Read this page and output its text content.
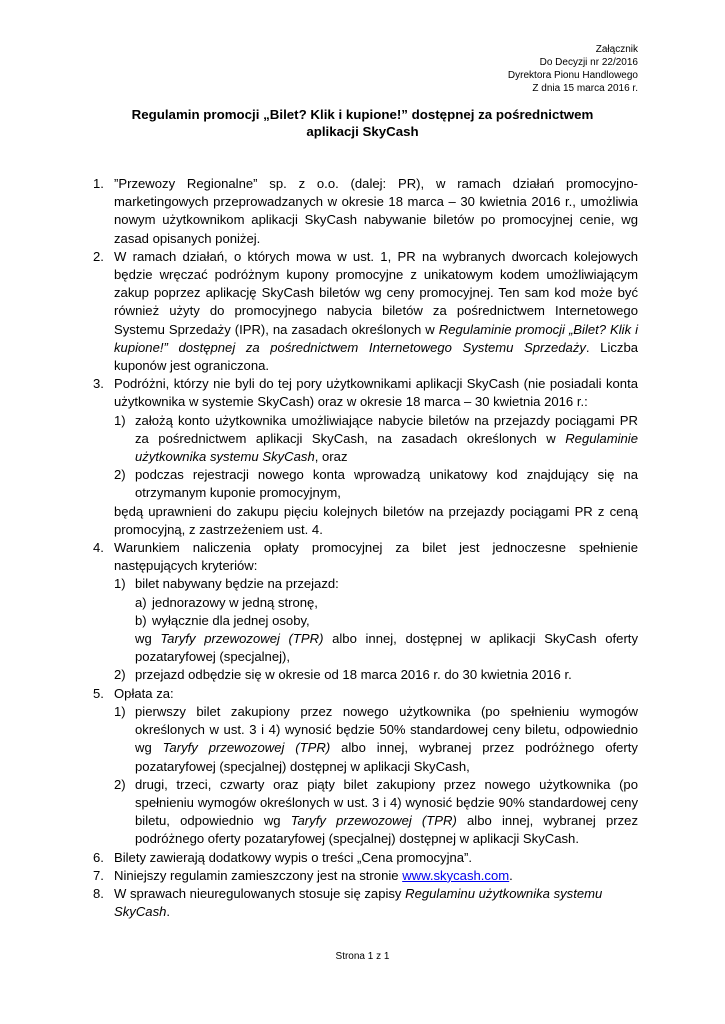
Załącznik
Do Decyzji nr 22/2016
Dyrektora Pionu Handlowego
Z dnia 15 marca 2016 r.
Regulamin promocji „Bilet? Klik i kupione!” dostępnej za pośrednictwem
aplikacji SkyCash
1. ”Przewozy Regionalne” sp. z o.o. (dalej: PR), w ramach działań promocyjno-marketingowych przeprowadzanych w okresie 18 marca – 30 kwietnia 2016 r., umożliwia nowym użytkownikom aplikacji SkyCash nabywanie biletów po promocyjnej cenie, wg zasad opisanych poniżej.
2. W ramach działań, o których mowa w ust. 1, PR na wybranych dworcach kolejowych będzie wręczać podróżnym kupony promocyjne z unikatowym kodem umożliwiającym zakup poprzez aplikację SkyCash biletów wg ceny promocyjnej. Ten sam kod może być również użyty do promocyjnego nabycia biletów za pośrednictwem Internetowego Systemu Sprzedaży (IPR), na zasadach określonych w Regulaminie promocji „Bilet? Klik i kupione!” dostępnej za pośrednictwem Internetowego Systemu Sprzedaży. Liczba kuponów jest ograniczona.
3. Podróżni, którzy nie byli do tej pory użytkownikami aplikacji SkyCash (nie posiadali konta użytkownika w systemie SkyCash) oraz w okresie 18 marca – 30 kwietnia 2016 r.:
1) założą konto użytkownika umożliwiające nabycie biletów na przejazdy pociągami PR za pośrednictwem aplikacji SkyCash, na zasadach określonych w Regulaminie użytkownika systemu SkyCash, oraz
2) podczas rejestracji nowego konta wprowadzą unikatowy kod znajdujący się na otrzymanym kuponie promocyjnym,
będą uprawnieni do zakupu pięciu kolejnych biletów na przejazdy pociągami PR z ceną promocyjną, z zastrzeżeniem ust. 4.
4. Warunkiem naliczenia opłaty promocyjnej za bilet jest jednoczesne spełnienie następujących kryteriów:
1) bilet nabywany będzie na przejazd:
a) jednorazowy w jedną stronę,
b) wyłącznie dla jednej osoby,
wg Taryfy przewozowej (TPR) albo innej, dostępnej w aplikacji SkyCash oferty pozataryfowej (specjalnej),
2) przejazd odbędzie się w okresie od 18 marca 2016 r. do 30 kwietnia 2016 r.
5. Opłata za:
1) pierwszy bilet zakupiony przez nowego użytkownika (po spełnieniu wymogów określonych w ust. 3 i 4) wynosić będzie 50% standardowej ceny biletu, odpowiednio wg Taryfy przewozowej (TPR) albo innej, wybranej przez podróżnego oferty pozataryfowej (specjalnej) dostępnej w aplikacji SkyCash,
2) drugi, trzeci, czwarty oraz piąty bilet zakupiony przez nowego użytkownika (po spełnieniu wymogów określonych w ust. 3 i 4) wynosić będzie 90% standardowej ceny biletu, odpowiednio wg Taryfy przewozowej (TPR) albo innej, wybranej przez podróżnego oferty pozataryfowej (specjalnej) dostępnej w aplikacji SkyCash.
6. Bilety zawierają dodatkowy wypis o treści „Cena promocyjna”.
7. Niniejszy regulamin zamieszczony jest na stronie www.skycash.com.
8. W sprawach nieuregulowanych stosuje się zapisy Regulaminu użytkownika systemu SkyCash.
Strona 1 z 1
